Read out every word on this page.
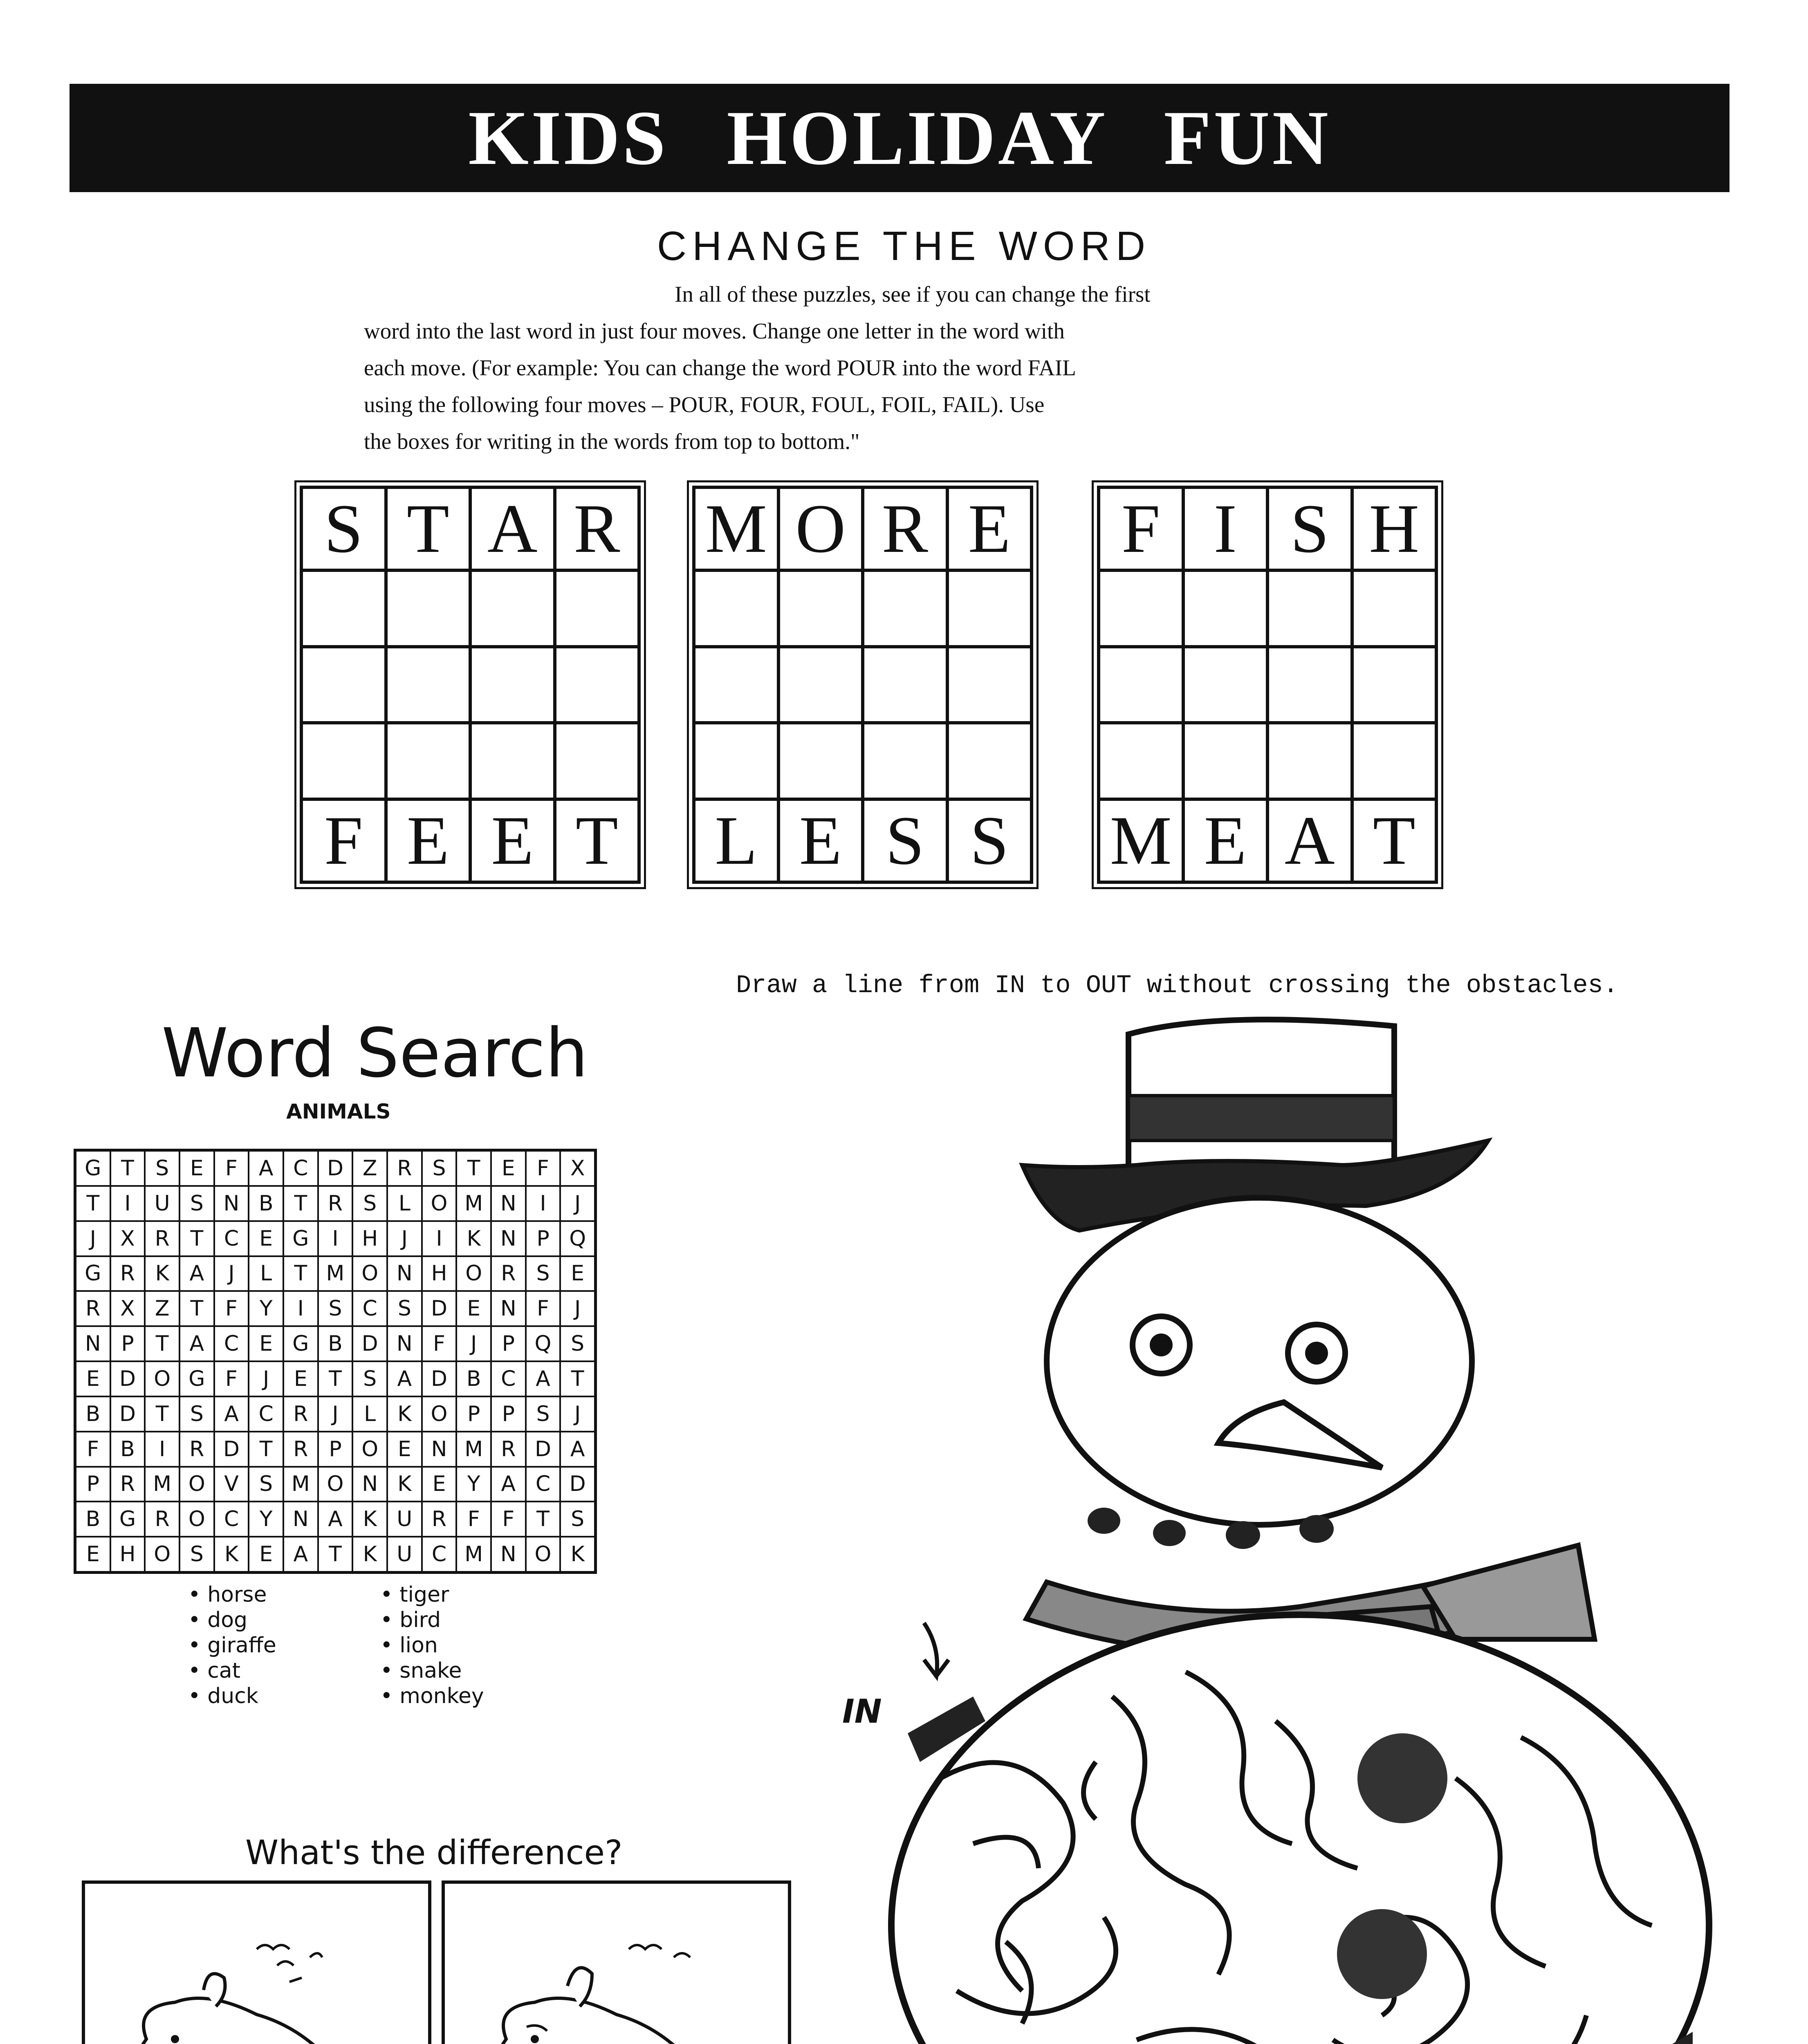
KIDS HOLIDAY FUN
CHANGE THE WORD
In all of these puzzles, see if you can change the first
word into the last word in just four moves. Change one letter in the word with
each move. (For example: You can change the word POUR into the word FAIL
using the following four moves – POUR, FOUR, FOUL, FOIL, FAIL). Use
the boxes for writing in the words from top to bottom."
S T A R
F E E T
M O R E
L E S S
F I S H
M E A T
Draw a line from IN to OUT without crossing the obstacles.
IN
Word Search
ANIMALS
G T	S E	F A C D Z R S	T	E	F X
T	I	U S N B T R S	L O M N	I	J
J	X R T C E G	I	H	J	I	K N P Q
G R K A	J	L	T M O N H O R S E
R X Z T	F	Y	I	S C S D E N F	J
N P	T A C E G B D N F	J	P Q S
E D O G F	J	E	T	S A D B C A T
B D T	S A C R	J	L	K O P	P	S	J
F B	I	R D T R P O E N M R D A
P R M O V S M O N K E	Y A C D
B G R O C Y N A K U R F	F	T	S
E H O S K E A T K U C M N O K
• horse
• dog
• giraffe
• cat
• duck
• tiger
• bird
• lion
• snake
• monkey
What's the difference?
